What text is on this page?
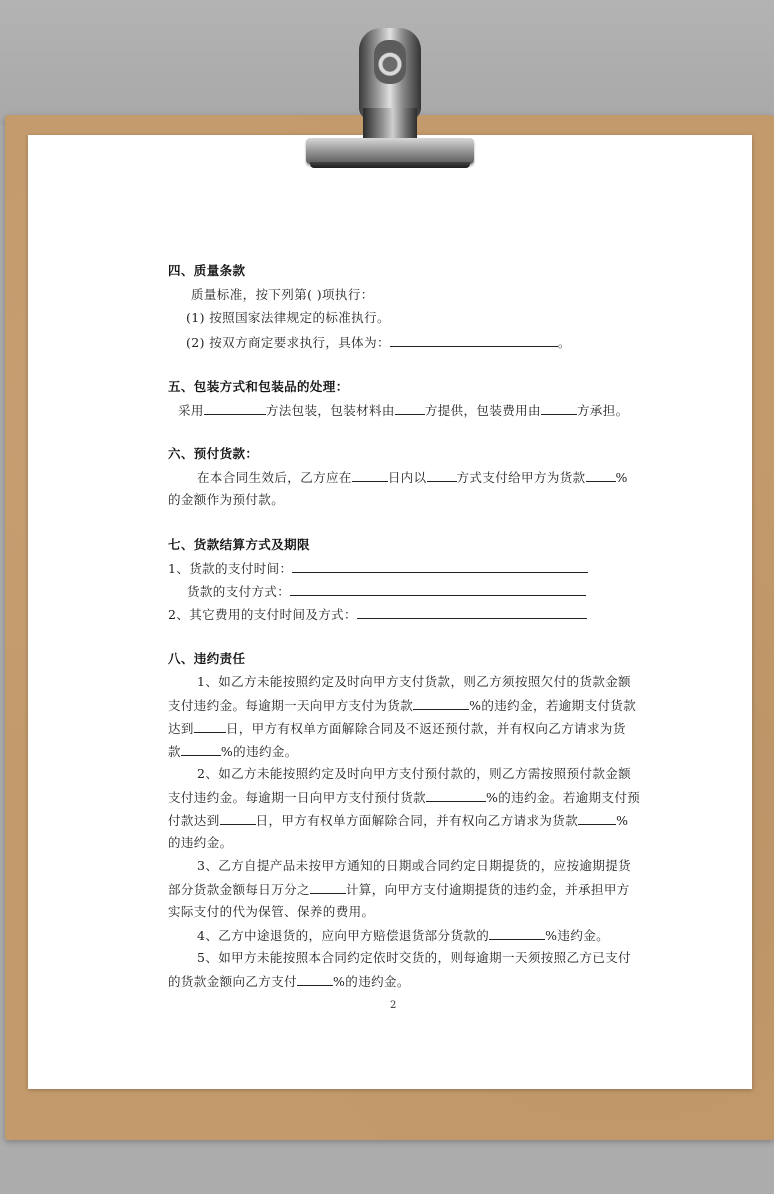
四、质量条款
质量标准，按下列第( )项执行：
(1) 按照国家法律规定的标准执行。
(2) 按双方商定要求执行，具体为：	。
五、包装方式和包装品的处理：
采用	方法包装，包装材料由 方提供，包装费用由	方承担。
六、预付货款：
在本合同生效后，乙方应在	日内以 方式支付给甲方为货款 %
的金额作为预付款。
七、货款结算方式及期限
1、货款的支付时间：
货款的支付方式：
2、其它费用的支付时间及方式：
八、违约责任
1、如乙方未能按照约定及时向甲方支付货款，则乙方须按照欠付的货款金额
支付违约金。每逾期一天向甲方支付为货款	%的违约金，若逾期支付货款
达到	日，甲方有权单方面解除合同及不返还预付款，并有权向乙方请求为货
款	%的违约金。
2、如乙方未能按照约定及时向甲方支付预付款的，则乙方需按照预付款金额
支付违约金。每逾期一日向甲方支付预付货款	%的违约金。若逾期支付预
付款达到	日，甲方有权单方面解除合同，并有权向乙方请求为货款	%
的违约金。
3、乙方自提产品未按甲方通知的日期或合同约定日期提货的，应按逾期提货
部分货款金额每日万分之	计算，向甲方支付逾期提货的违约金，并承担甲方
实际支付的代为保管、保养的费用。
4、乙方中途退货的，应向甲方赔偿退货部分货款的	%违约金。
5、如甲方未能按照本合同约定依时交货的，则每逾期一天须按照乙方已支付
的货款金额向乙方支付	%的违约金。
2
